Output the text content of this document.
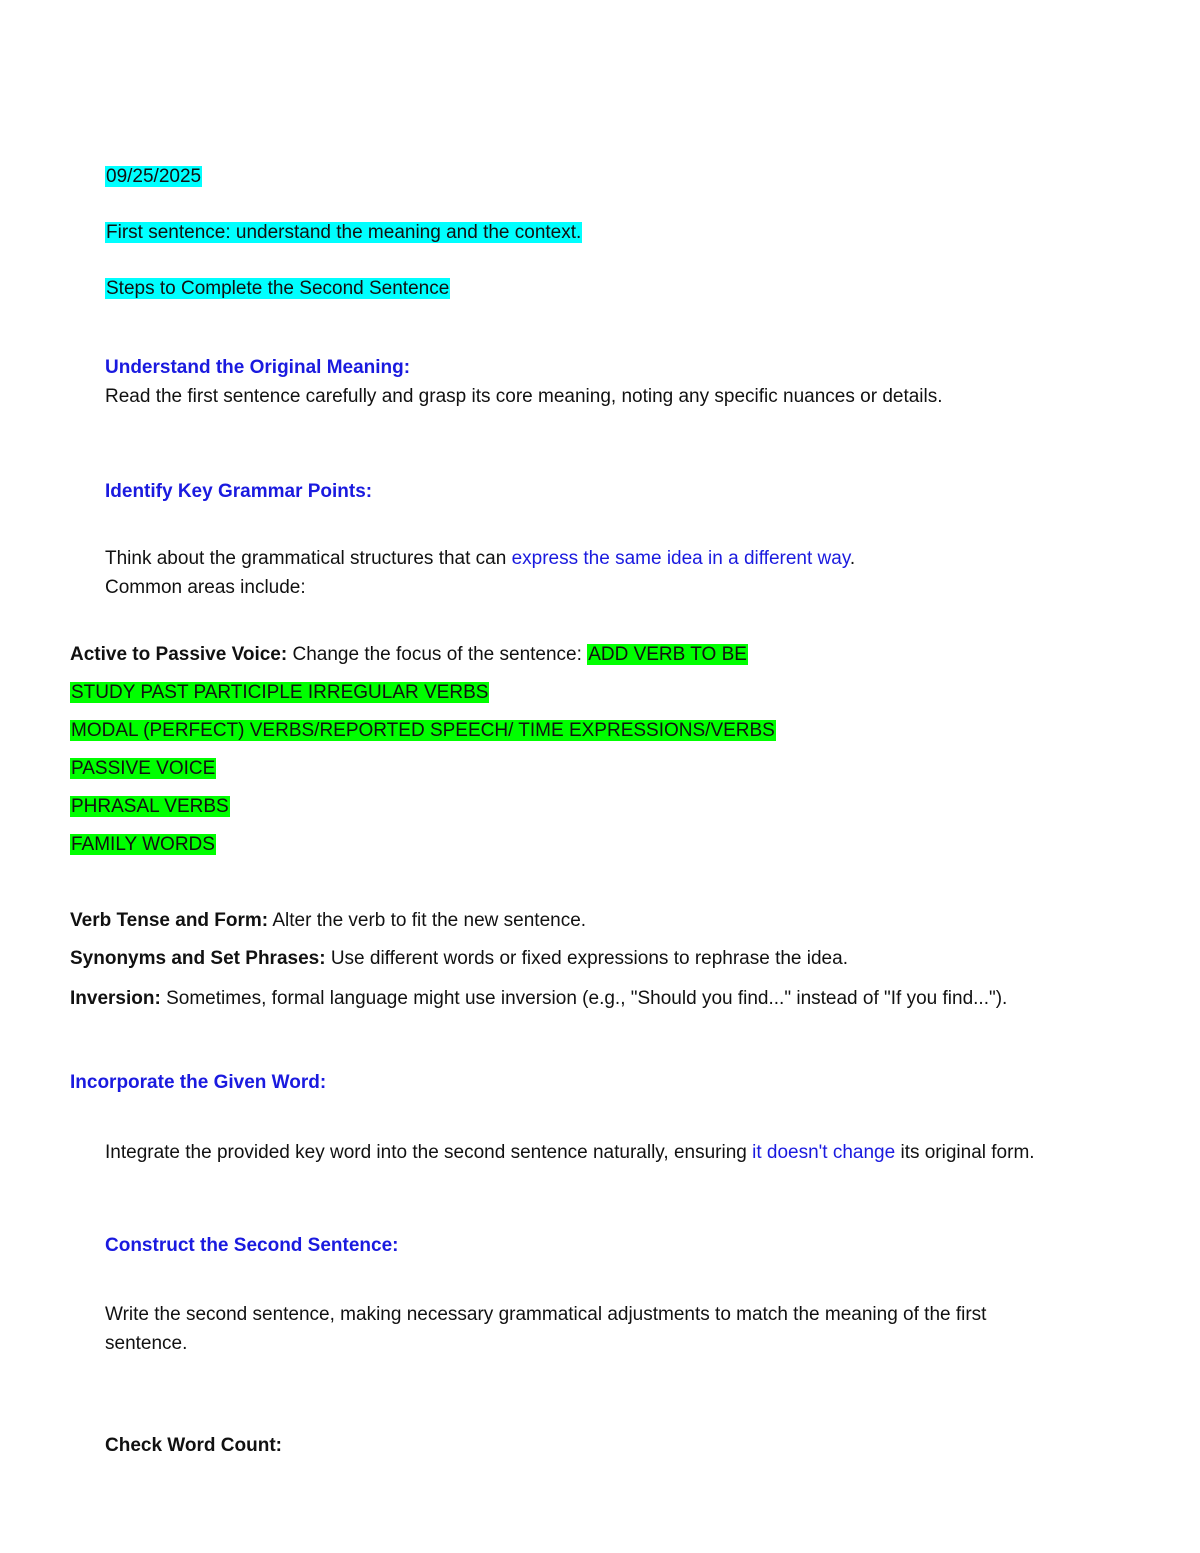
09/25/2025
First sentence: understand the meaning and the context.
Steps to Complete the Second Sentence
Understand the Original Meaning:
Read the first sentence carefully and grasp its core meaning, noting any specific nuances or details.
Identify Key Grammar Points:
Think about the grammatical structures that can express the same idea in a different way. Common areas include:
Active to Passive Voice: Change the focus of the sentence: ADD VERB TO BE
STUDY PAST PARTICIPLE IRREGULAR VERBS
MODAL (PERFECT) VERBS/REPORTED SPEECH/ TIME EXPRESSIONS/VERBS
PASSIVE VOICE
PHRASAL VERBS
FAMILY WORDS
Verb Tense and Form: Alter the verb to fit the new sentence.
Synonyms and Set Phrases: Use different words or fixed expressions to rephrase the idea.
Inversion: Sometimes, formal language might use inversion (e.g., "Should you find..." instead of "If you find...").
Incorporate the Given Word:
Integrate the provided key word into the second sentence naturally, ensuring it doesn't change its original form.
Construct the Second Sentence:
Write the second sentence, making necessary grammatical adjustments to match the meaning of the first sentence.
Check Word Count:
